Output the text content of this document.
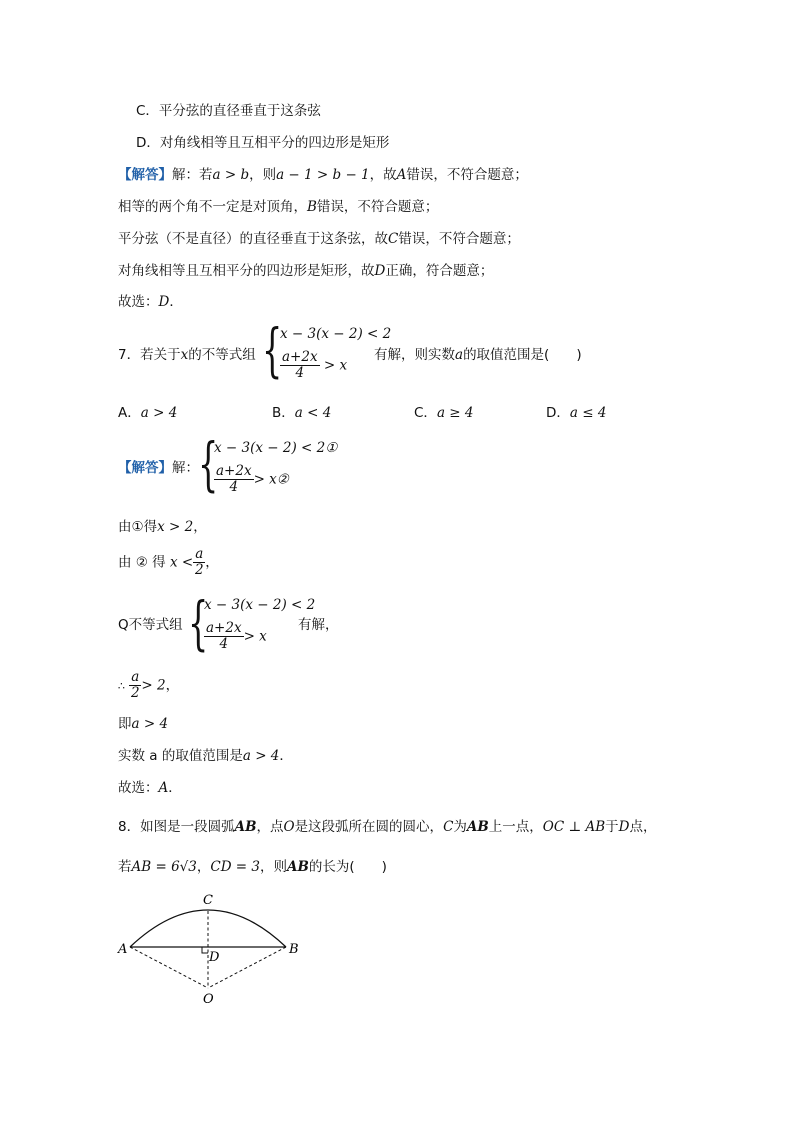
C．平分弦的直径垂直于这条弦
D．对角线相等且互相平分的四边形是矩形
【解答】解：若a > b，则a − 1 > b − 1，故A错误，不符合题意；
相等的两个角不一定是对顶角，B错误，不符合题意；
平分弦（不是直径）的直径垂直于这条弦，故C错误，不符合题意；
对角线相等且互相平分的四边形是矩形，故D正确，符合题意；
故选：D．
7．若关于x的不等式组 {
x − 3(x − 2) < 2
$\frac{a+2x}{4} > x$
有解，则实数a的取值范围是(　　)
A．a > 4	B．a < 4	C．a ≥ 4	D．a ≤ 4
【解答】解： {
x − 3(x − 2) < 2①
$\frac{a+2x}{4}$ > x②
由①得x > 2，
由 ② 得 $x < \frac{a}{2}$ ，
Q不等式组 {
x − 3(x − 2) < 2
$\frac{a+2x}{4} > x$
有解，
∴ $\frac{a}{2} > 2$，
即a > 4
实数 a 的取值范围是a > 4．
故选：A．
8．如图是一段圆弧AB，点O是这段弧所在圆的圆心，C为AB上一点，OC ⊥ AB于D点，
若AB = 6√3，CD = 3，则AB的长为(　　)
A	B
C
D
O
